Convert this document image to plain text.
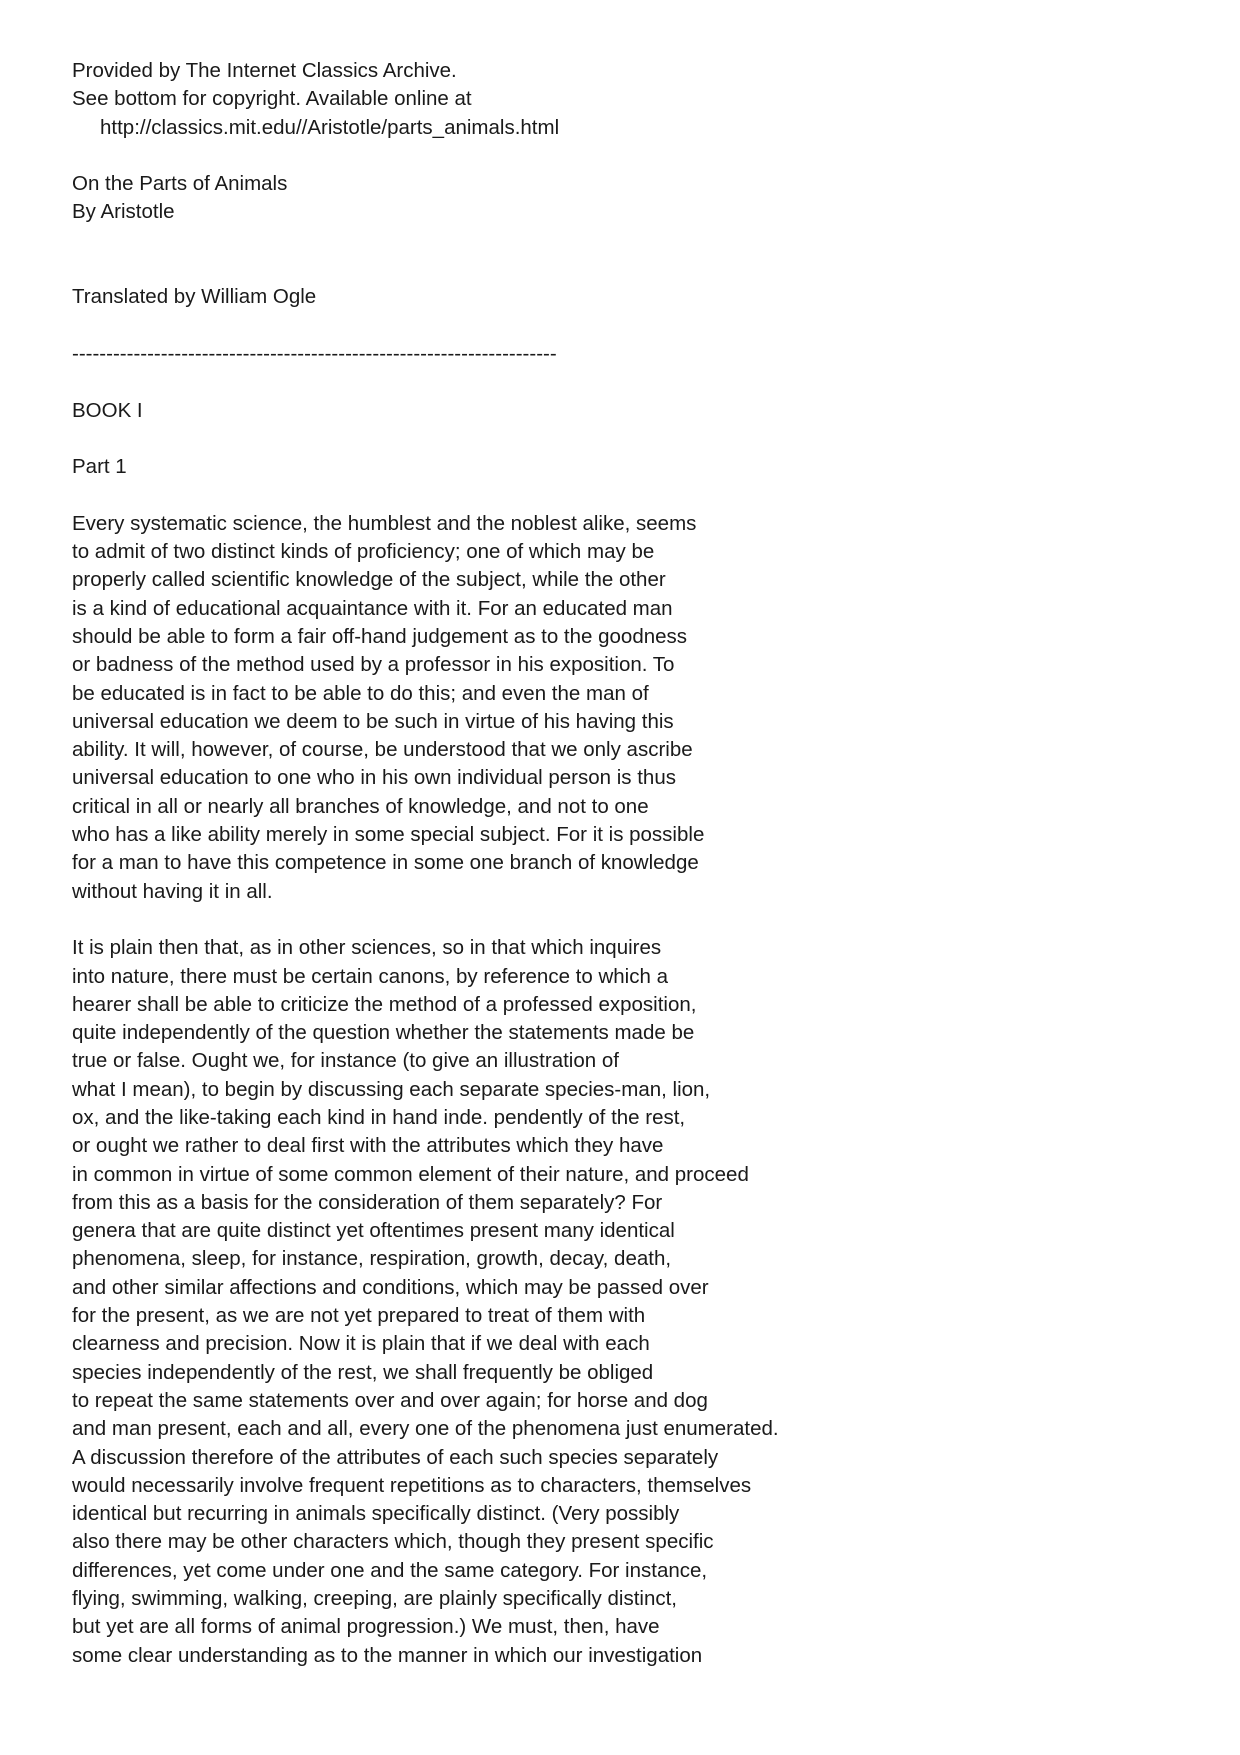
Provided by The Internet Classics Archive.
See bottom for copyright. Available online at
http://classics.mit.edu//Aristotle/parts_animals.html
On the Parts of Animals
By Aristotle
Translated by William Ogle
-----------------------------------------------------------------------
BOOK I
Part 1
Every systematic science, the humblest and the noblest alike, seems
to admit of two distinct kinds of proficiency; one of which may be
properly called scientific knowledge of the subject, while the other
is a kind of educational acquaintance with it. For an educated man
should be able to form a fair off-hand judgement as to the goodness
or badness of the method used by a professor in his exposition. To
be educated is in fact to be able to do this; and even the man of
universal education we deem to be such in virtue of his having this
ability. It will, however, of course, be understood that we only ascribe
universal education to one who in his own individual person is thus
critical in all or nearly all branches of knowledge, and not to one
who has a like ability merely in some special subject. For it is possible
for a man to have this competence in some one branch of knowledge
without having it in all.
It is plain then that, as in other sciences, so in that which inquires
into nature, there must be certain canons, by reference to which a
hearer shall be able to criticize the method of a professed exposition,
quite independently of the question whether the statements made be
true or false. Ought we, for instance (to give an illustration of
what I mean), to begin by discussing each separate species-man, lion,
ox, and the like-taking each kind in hand inde. pendently of the rest,
or ought we rather to deal first with the attributes which they have
in common in virtue of some common element of their nature, and proceed
from this as a basis for the consideration of them separately? For
genera that are quite distinct yet oftentimes present many identical
phenomena, sleep, for instance, respiration, growth, decay, death,
and other similar affections and conditions, which may be passed over
for the present, as we are not yet prepared to treat of them with
clearness and precision. Now it is plain that if we deal with each
species independently of the rest, we shall frequently be obliged
to repeat the same statements over and over again; for horse and dog
and man present, each and all, every one of the phenomena just enumerated.
A discussion therefore of the attributes of each such species separately
would necessarily involve frequent repetitions as to characters, themselves
identical but recurring in animals specifically distinct. (Very possibly
also there may be other characters which, though they present specific
differences, yet come under one and the same category. For instance,
flying, swimming, walking, creeping, are plainly specifically distinct,
but yet are all forms of animal progression.) We must, then, have
some clear understanding as to the manner in which our investigation
